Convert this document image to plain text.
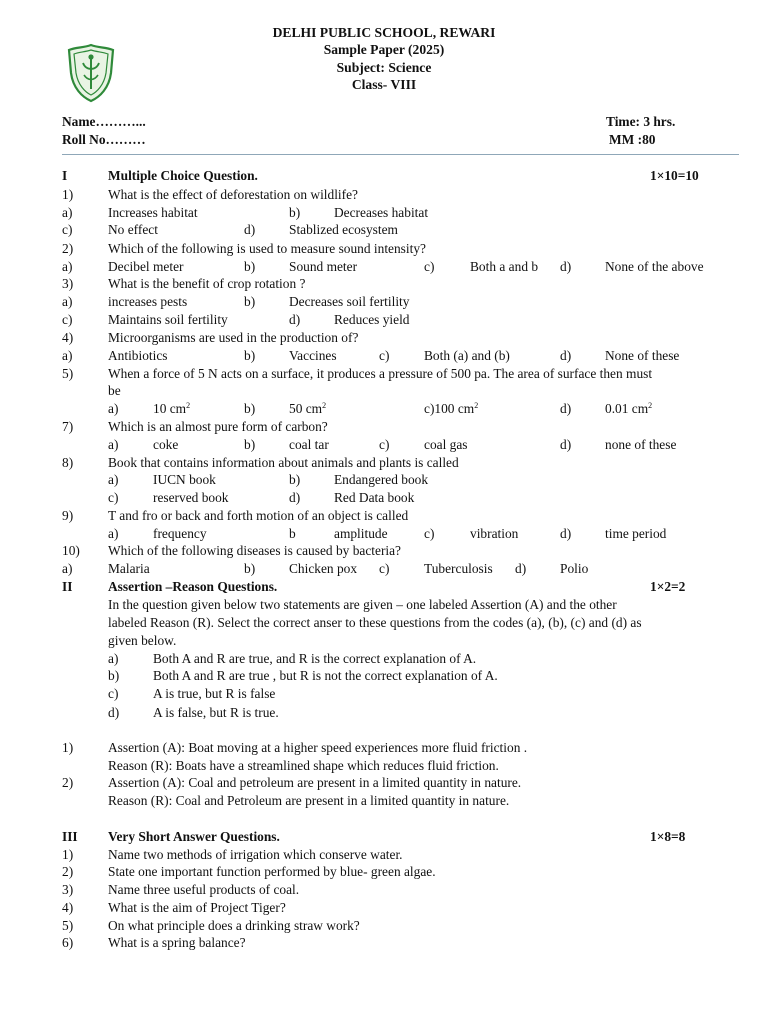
DELHI PUBLIC SCHOOL, REWARI
Sample Paper (2025)
Subject: Science
Class- VIII
Name………...
Roll No………
Time: 3 hrs.
MM :80
I	Multiple Choice Question.	1×10=10
1)	What is the effect of deforestation on wildlife?
a)	Increases habitat	b)	Decreases habitat
c)	No effect	d)	Stablized ecosystem
2)	Which of the following is used to measure sound intensity?
a)	Decibel meter	b)	Sound meter	c)	Both a and b d)	None of the above
3)	What is the benefit of crop rotation ?
a)	increases pests	b)	Decreases soil fertility
c)	Maintains soil fertility	d)	Reduces yield
4)	Microorganisms are used in the production of?
a)	Antibiotics	b)	Vaccines	c)	Both (a) and (b)	d)	None of these
5)	When a force of 5 N acts on a surface, it produces a pressure of 500 pa. The area of surface then must
be
a)	10 $cm^2$	b)	50 $cm^2$	c)100 $cm^2$	d)	0.01 $cm^2$
7)	Which is an almost pure form of carbon?
a)	coke	b)	coal tar	c)	coal gas	d)	none of these
8)	Book that contains information about animals and plants is called
a)	IUCN book	b)	Endangered book
c)	reserved book	d)	Red Data book
9)	T and fro or back and forth motion of an object is called
a)	frequency	b	amplitude	c)	vibration	d)	time period
10) Which of the following diseases is caused by bacteria?
a)	Malaria	b)	Chicken pox c)	Tuberculosis d)	Polio
II	Assertion –Reason Questions.	1×2=2
In the question given below two statements are given – one labeled Assertion (A) and the other
labeled Reason (R). Select the correct anser to these questions from the codes (a), (b), (c) and (d) as
given below.
a)	Both A and R are true, and R is the correct explanation of A.
b)	Both A and R are true , but R is not the correct explanation of A.
c)	A is true, but R is false
d)	A is false, but R is true.
1)	Assertion (A): Boat moving at a higher speed experiences more fluid friction .
Reason (R): Boats have a streamlined shape which reduces fluid friction.
2)	Assertion (A): Coal and petroleum are present in a limited quantity in nature.
Reason (R): Coal and Petroleum are present in a limited quantity in nature.
III Very Short Answer Questions.	1×8=8
1)	Name two methods of irrigation which conserve water.
2)	State one important function performed by blue- green algae.
3)	Name three useful products of coal.
4)	What is the aim of Project Tiger?
5)	On what principle does a drinking straw work?
6)	What is a spring balance?
